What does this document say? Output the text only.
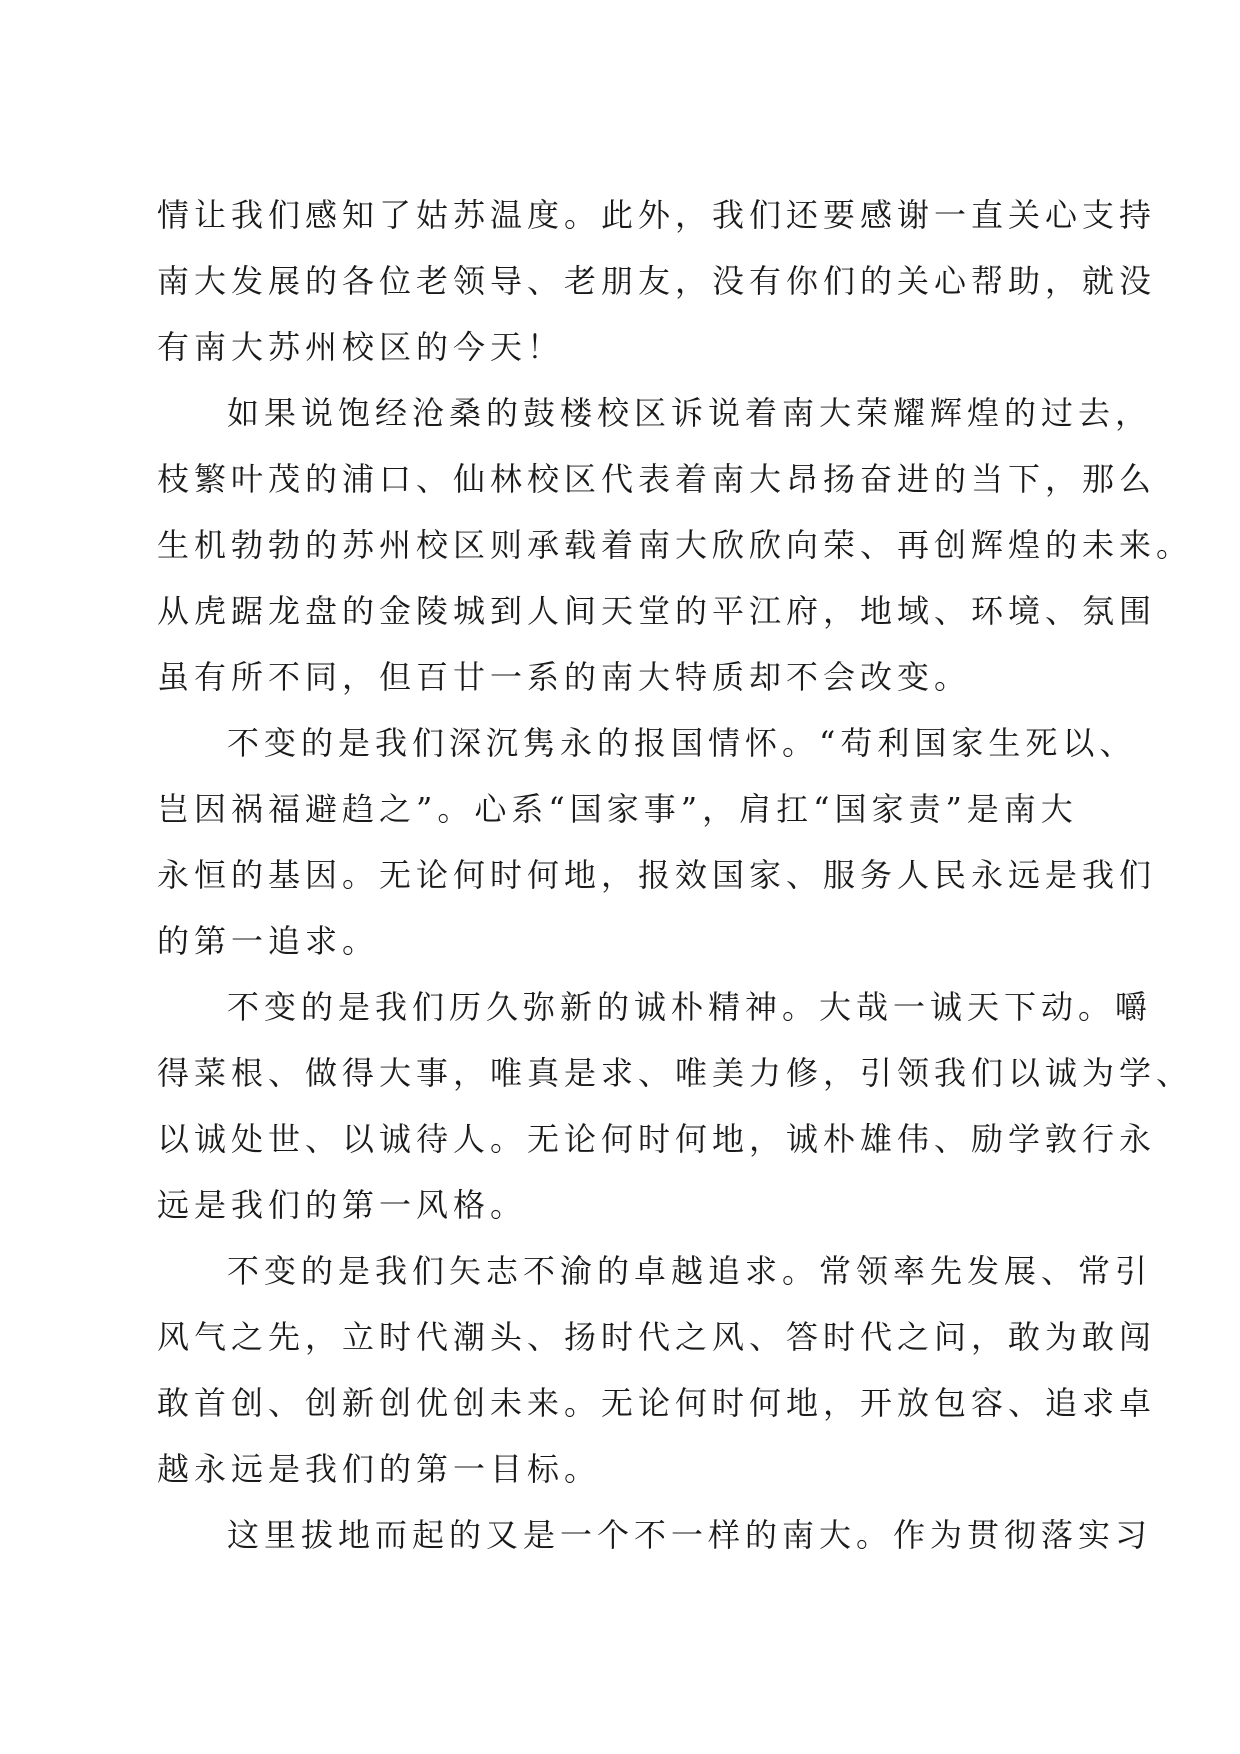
情让我们感知了姑苏温度。此外，我们还要感谢一直关心支持
南大发展的各位老领导、老朋友，没有你们的关心帮助，就没
有南大苏州校区的今天！
如果说饱经沧桑的鼓楼校区诉说着南大荣耀辉煌的过去，
枝繁叶茂的浦口、仙林校区代表着南大昂扬奋进的当下，那么
生机勃勃的苏州校区则承载着南大欣欣向荣、再创辉煌的未来。
从虎踞龙盘的金陵城到人间天堂的平江府，地域、环境、氛围
虽有所不同，但百廿一系的南大特质却不会改变。
不变的是我们深沉隽永的报国情怀。“苟利国家生死以、
岂因祸福避趋之”。心系“国家事”，肩扛“国家责”是南大
永恒的基因。无论何时何地，报效国家、服务人民永远是我们
的第一追求。
不变的是我们历久弥新的诚朴精神。大哉一诚天下动。嚼
得菜根、做得大事，唯真是求、唯美力修，引领我们以诚为学、
以诚处世、以诚待人。无论何时何地，诚朴雄伟、励学敦行永
远是我们的第一风格。
不变的是我们矢志不渝的卓越追求。常领率先发展、常引
风气之先，立时代潮头、扬时代之风、答时代之问，敢为敢闯
敢首创、创新创优创未来。无论何时何地，开放包容、追求卓
越永远是我们的第一目标。
这里拔地而起的又是一个不一样的南大。作为贯彻落实习
